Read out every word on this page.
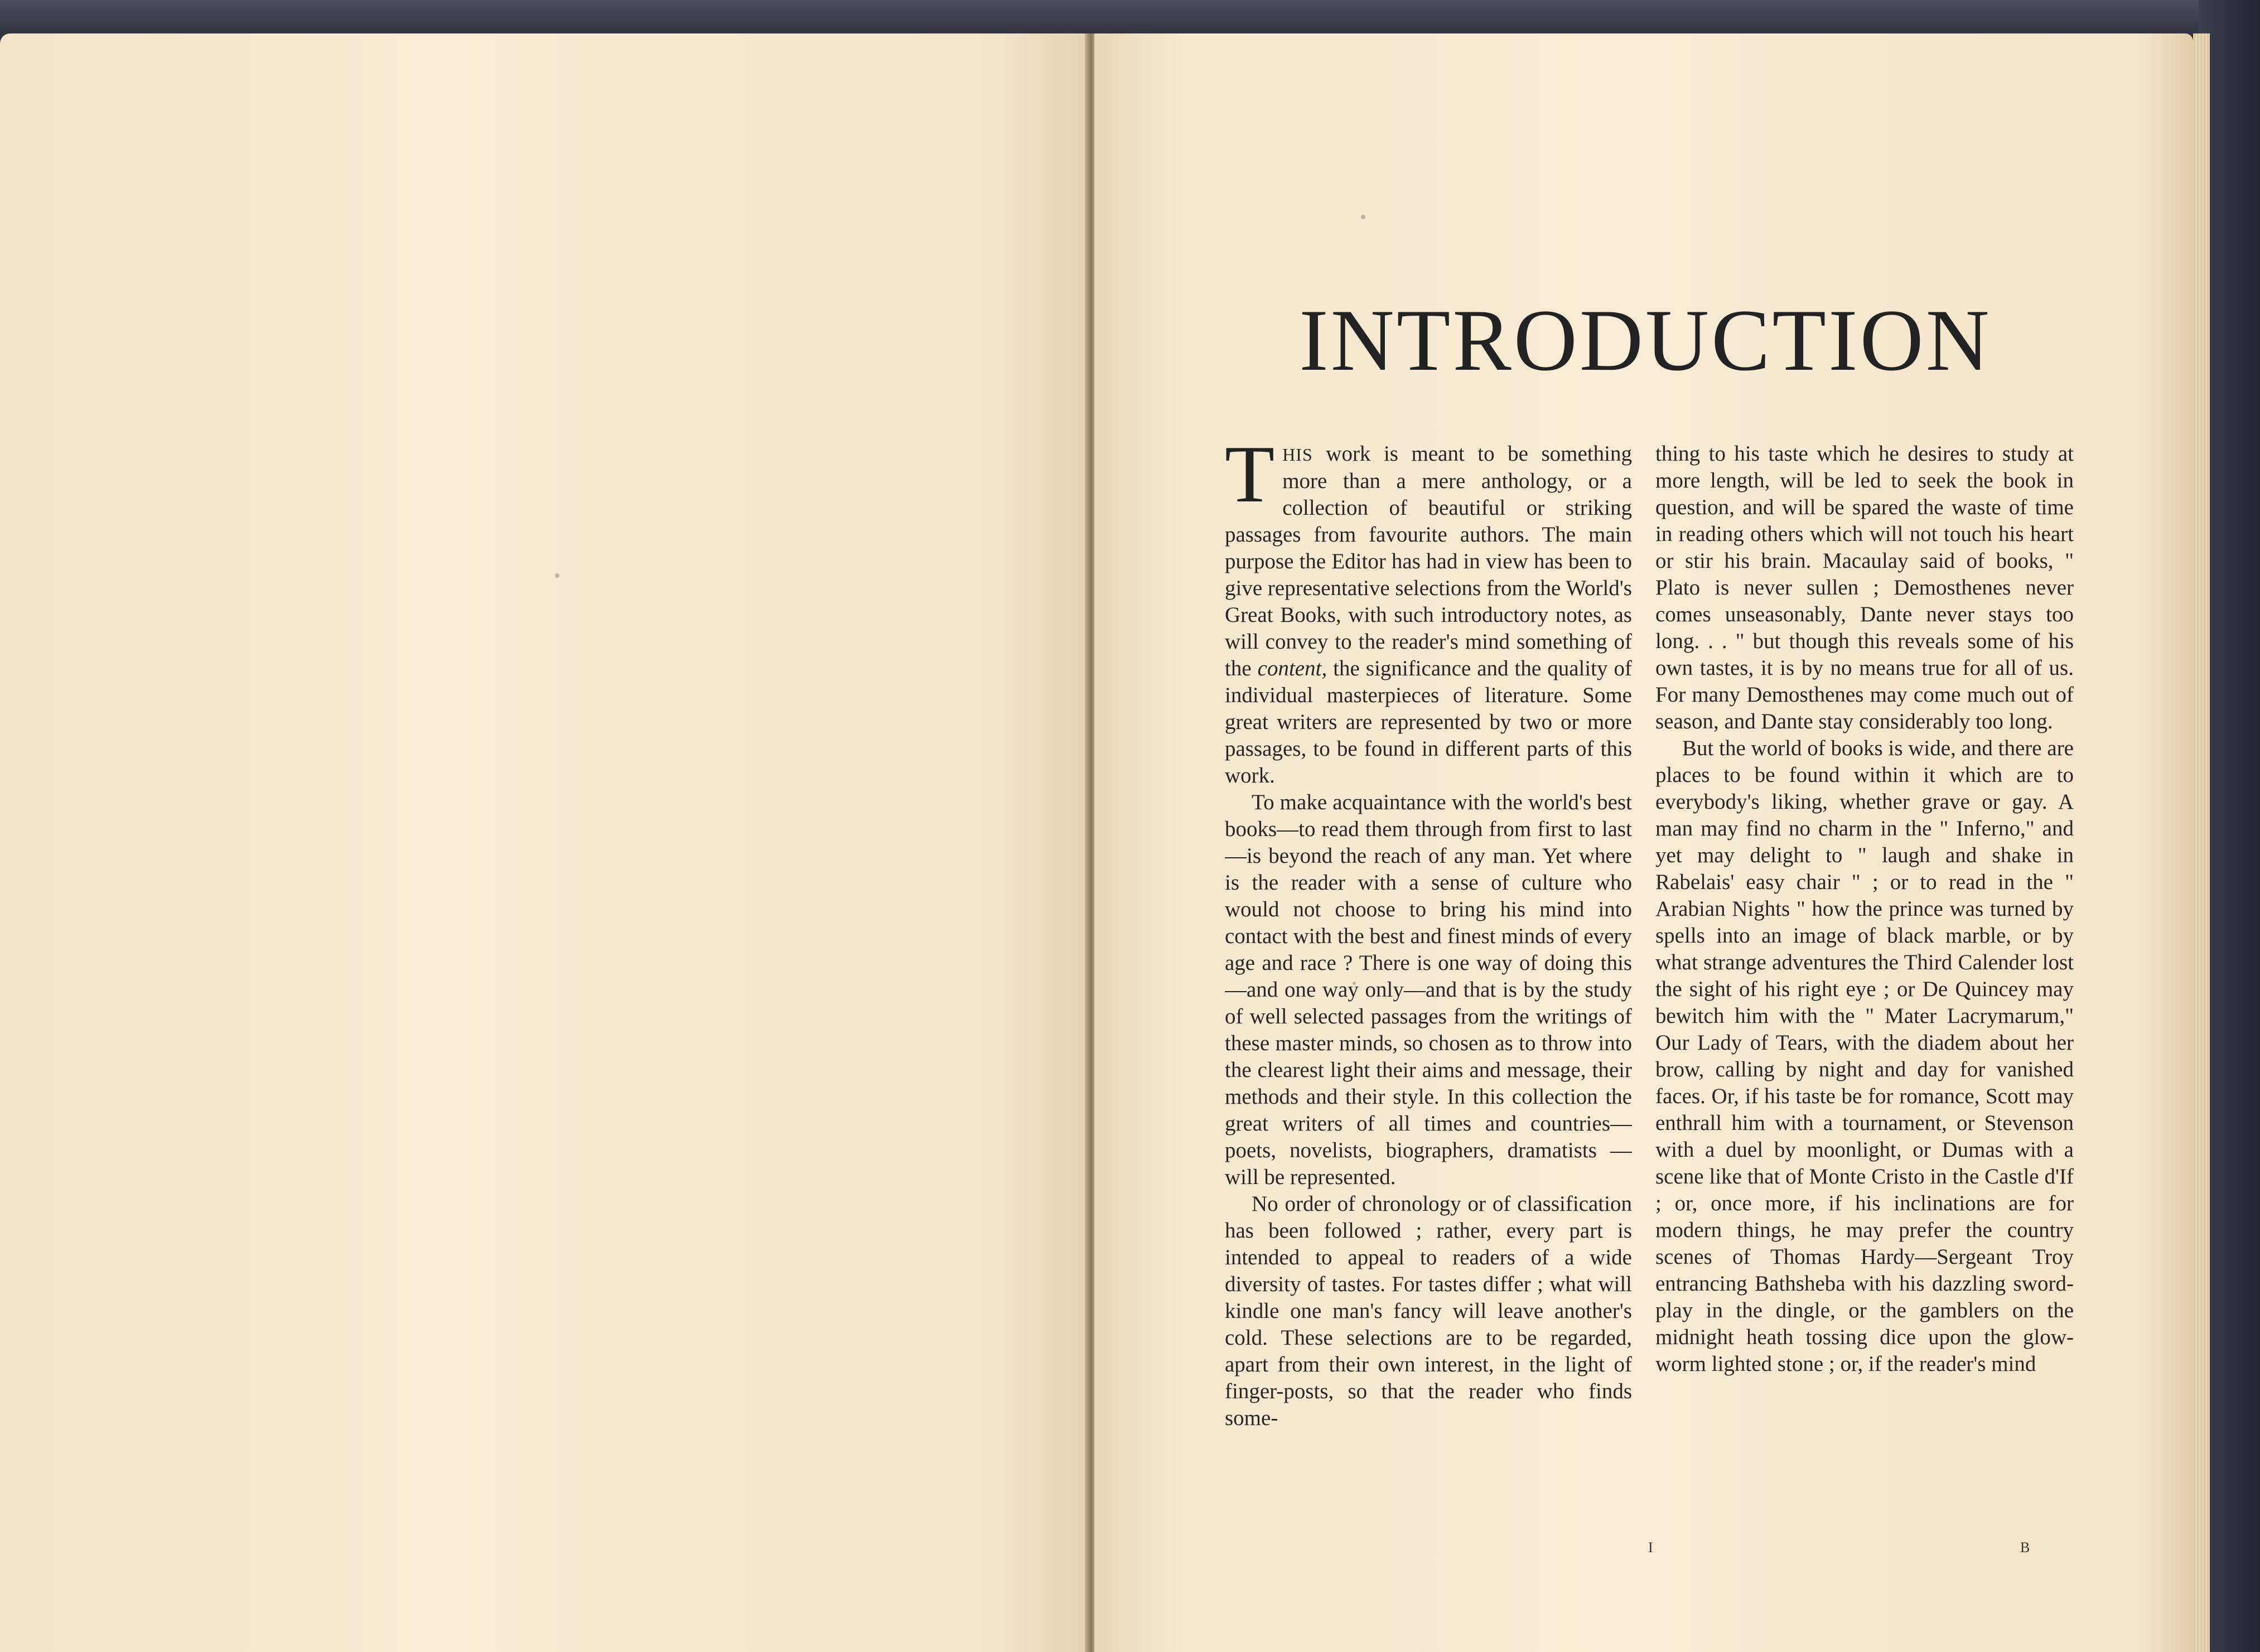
INTRODUCTION

THIS work is meant to be something more than a mere anthology, or a collection of beautiful or striking passages from favourite authors. The main purpose the Editor has had in view has been to give representative selections from the World's Great Books, with such introductory notes, as will convey to the reader's mind something of the content, the significance and the quality of individual masterpieces of literature. Some great writers are represented by two or more passages, to be found in different parts of this work.

To make acquaintance with the world's best books—to read them through from first to last—is beyond the reach of any man. Yet where is the reader with a sense of culture who would not choose to bring his mind into contact with the best and finest minds of every age and race ? There is one way of doing this—and one way only—and that is by the study of well selected passages from the writings of these master minds, so chosen as to throw into the clearest light their aims and message, their methods and their style. In this collection the great writers of all times and countries—poets, novelists, biographers, dramatists —will be represented.

No order of chronology or of classification has been followed ; rather, every part is intended to appeal to readers of a wide diversity of tastes. For tastes differ ; what will kindle one man's fancy will leave another's cold. These selections are to be regarded, apart from their own interest, in the light of finger-posts, so that the reader who finds some-

thing to his taste which he desires to study at more length, will be led to seek the book in question, and will be spared the waste of time in reading others which will not touch his heart or stir his brain. Macaulay said of books, " Plato is never sullen ; Demosthenes never comes unseasonably, Dante never stays too long. . . " but though this reveals some of his own tastes, it is by no means true for all of us. For many Demosthenes may come much out of season, and Dante stay considerably too long.

But the world of books is wide, and there are places to be found within it which are to everybody's liking, whether grave or gay. A man may find no charm in the " Inferno," and yet may delight to " laugh and shake in Rabelais' easy chair " ; or to read in the " Arabian Nights " how the prince was turned by spells into an image of black marble, or by what strange adventures the Third Calender lost the sight of his right eye ; or De Quincey may bewitch him with the " Mater Lacrymarum," Our Lady of Tears, with the diadem about her brow, calling by night and day for vanished faces. Or, if his taste be for romance, Scott may enthrall him with a tournament, or Stevenson with a duel by moonlight, or Dumas with a scene like that of Monte Cristo in the Castle d'If ; or, once more, if his inclinations are for modern things, he may prefer the country scenes of Thomas Hardy—Sergeant Troy entrancing Bathsheba with his dazzling sword-play in the dingle, or the gamblers on the midnight heath tossing dice upon the glow-worm lighted stone ; or, if the reader's mind

I	B
